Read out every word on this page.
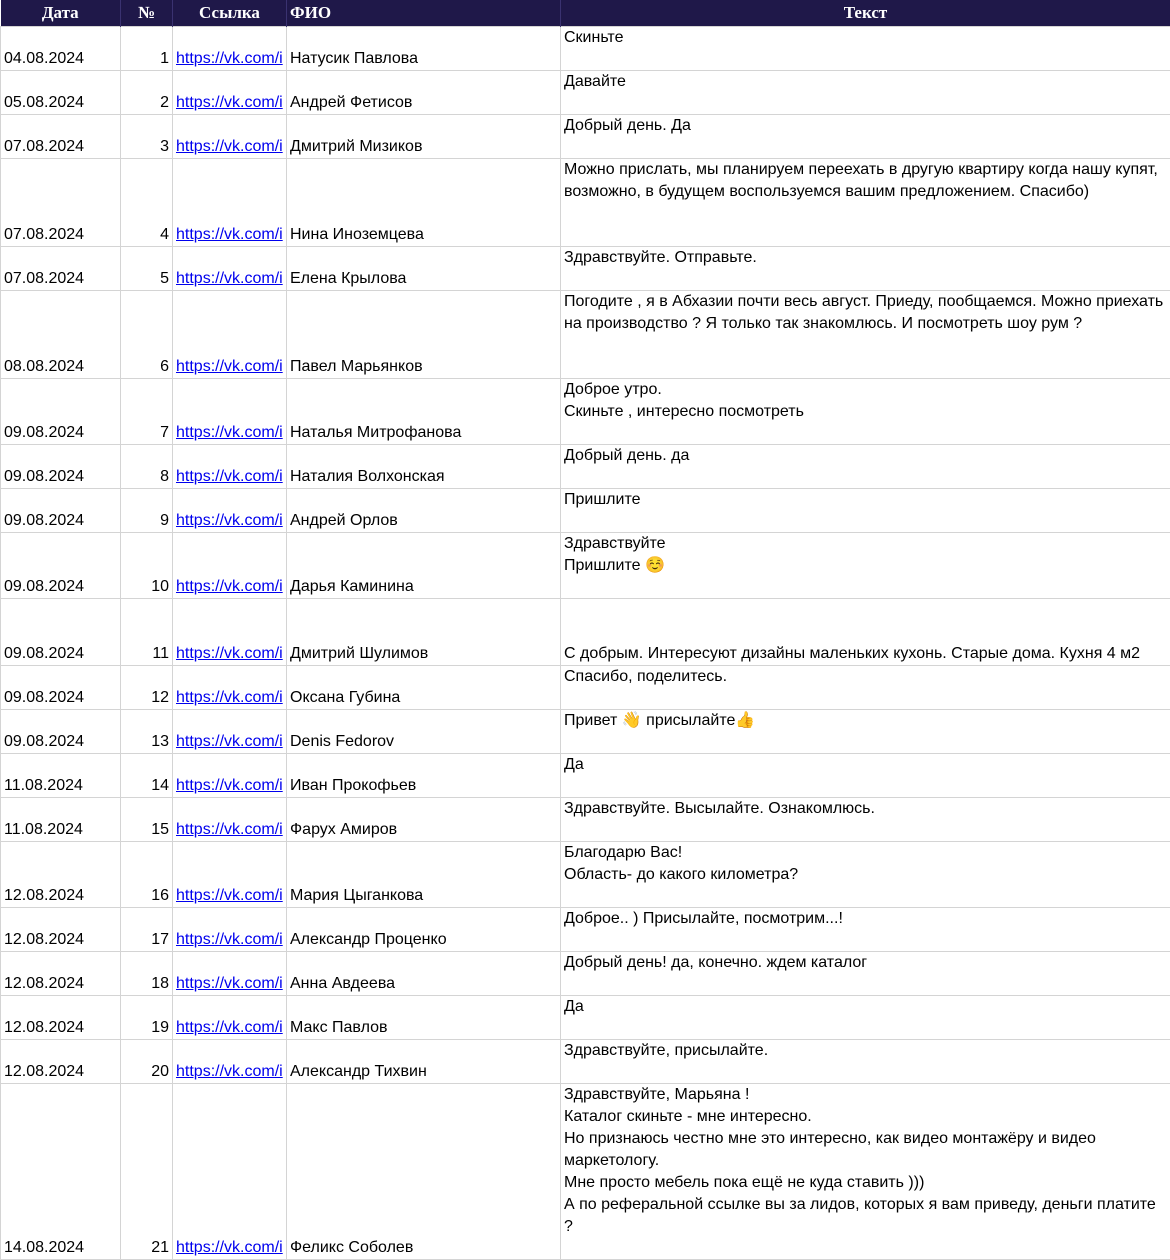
Дата	№	Ссылка	ФИО	Текст
04.08.2024	1	https://vk.com/i	Натусик Павлова	Скиньте

05.08.2024	2	https://vk.com/i	Андрей Фетисов	Давайте

07.08.2024	3	https://vk.com/i	Дмитрий Мизиков	Добрый день. Да

07.08.2024	4	https://vk.com/i	Нина Иноземцева	Можно прислать, мы планируем переехать в другую квартиру когда нашу купят, возможно, в будущем воспользуемся вашим предложением. Спасибо)

07.08.2024	5	https://vk.com/i	Елена Крылова	Здравствуйте. Отправьте.

08.08.2024	6	https://vk.com/i	Павел Марьянков	Погодите , я в Абхазии почти весь август. Приеду, пообщаемся. Можно приехать на производство ? Я только так знакомлюсь. И посмотреть шоу рум ?

09.08.2024	7	https://vk.com/i	Наталья Митрофанова	Доброе утро.
Скиньте , интересно посмотреть

09.08.2024	8	https://vk.com/i	Наталия Волхонская	Добрый день. да

09.08.2024	9	https://vk.com/i	Андрей Орлов	Пришлите

09.08.2024	10	https://vk.com/i	Дарья Каминина	Здравствуйте
Пришлите ☺️

09.08.2024	11	https://vk.com/i	Дмитрий Шулимов	С добрым. Интересуют дизайны маленьких кухонь. Старые дома. Кухня 4 м2

09.08.2024	12	https://vk.com/i	Оксана Губина	Спасибо, поделитесь.

09.08.2024	13	https://vk.com/i	Denis Fedorov	Привет 👋 присылайте👍

11.08.2024	14	https://vk.com/i	Иван Прокофьев	Да

11.08.2024	15	https://vk.com/i	Фарух Амиров	Здравствуйте. Высылайте. Ознакомлюсь.

12.08.2024	16	https://vk.com/i	Мария Цыганкова	Благодарю Вас!
Область- до какого километра?

12.08.2024	17	https://vk.com/i	Александр Проценко	Доброе.. ) Присылайте, посмотрим...!

12.08.2024	18	https://vk.com/i	Анна Авдеева	Добрый день! да, конечно. ждем каталог

12.08.2024	19	https://vk.com/i	Макс Павлов	Да

12.08.2024	20	https://vk.com/i	Александр Тихвин	Здравствуйте, присылайте.

14.08.2024	21	https://vk.com/i	Феликс Соболев	Здравствуйте, Марьяна !
Каталог скиньте - мне интересно.
Но признаюсь честно мне это интересно, как видео монтажёру и видео маркетологу.
Мне просто мебель пока ещё не куда ставить )))
А по реферальной ссылке вы за лидов, которых я вам приведу, деньги платите ?
